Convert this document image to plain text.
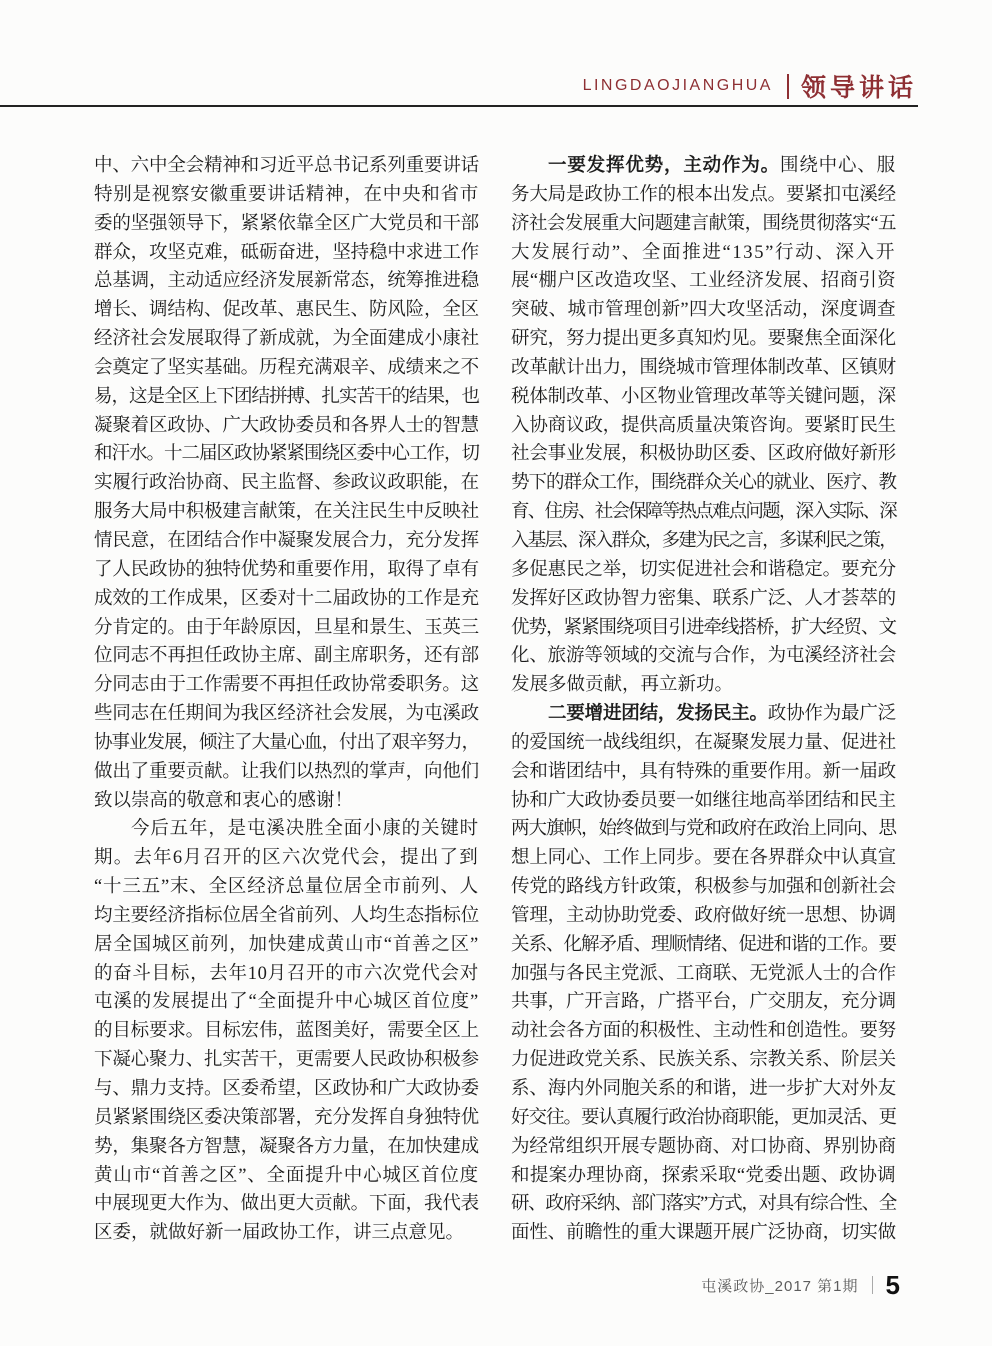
LINGDAOJIANGHUA 领导讲话
中、六中全会精神和习近平总书记系列重要讲话
特别是视察安徽重要讲话精神，在中央和省市
委的坚强领导下，紧紧依靠全区广大党员和干部
群众，攻坚克难，砥砺奋进，坚持稳中求进工作
总基调，主动适应经济发展新常态，统筹推进稳
增长、调结构、促改革、惠民生、防风险，全区
经济社会发展取得了新成就，为全面建成小康社
会奠定了坚实基础。历程充满艰辛、成绩来之不
易，这是全区上下团结拼搏、扎实苦干的结果，也
凝聚着区政协、广大政协委员和各界人士的智慧
和汗水。十二届区政协紧紧围绕区委中心工作，切
实履行政治协商、民主监督、参政议政职能，在
服务大局中积极建言献策，在关注民生中反映社
情民意，在团结合作中凝聚发展合力，充分发挥
了人民政协的独特优势和重要作用，取得了卓有
成效的工作成果，区委对十二届政协的工作是充
分肯定的。由于年龄原因，旦星和景生、玉英三
位同志不再担任政协主席、副主席职务，还有部
分同志由于工作需要不再担任政协常委职务。这
些同志在任期间为我区经济社会发展，为屯溪政
协事业发展，倾注了大量心血，付出了艰辛努力，
做出了重要贡献。让我们以热烈的掌声，向他们
致以崇高的敬意和衷心的感谢！
今后五年，是屯溪决胜全面小康的关键时
期。去年6月召开的区六次党代会，提出了到
“十三五”末、全区经济总量位居全市前列、人
均主要经济指标位居全省前列、人均生态指标位
居全国城区前列，加快建成黄山市“首善之区”
的奋斗目标，去年10月召开的市六次党代会对
屯溪的发展提出了“全面提升中心城区首位度”
的目标要求。目标宏伟，蓝图美好，需要全区上
下凝心聚力、扎实苦干，更需要人民政协积极参
与、鼎力支持。区委希望，区政协和广大政协委
员紧紧围绕区委决策部署，充分发挥自身独特优
势，集聚各方智慧，凝聚各方力量，在加快建成
黄山市“首善之区”、全面提升中心城区首位度
中展现更大作为、做出更大贡献。下面，我代表
区委，就做好新一届政协工作，讲三点意见。
一要发挥优势，主动作为。围绕中心、服
务大局是政协工作的根本出发点。要紧扣屯溪经
济社会发展重大问题建言献策，围绕贯彻落实“五
大发展行动”、全面推进“135”行动、深入开
展“棚户区改造攻坚、工业经济发展、招商引资
突破、城市管理创新”四大攻坚活动，深度调查
研究，努力提出更多真知灼见。要聚焦全面深化
改革献计出力，围绕城市管理体制改革、区镇财
税体制改革、小区物业管理改革等关键问题，深
入协商议政，提供高质量决策咨询。要紧盯民生
社会事业发展，积极协助区委、区政府做好新形
势下的群众工作，围绕群众关心的就业、医疗、教
育、住房、社会保障等热点难点问题，深入实际、深
入基层、深入群众，多建为民之言，多谋利民之策，
多促惠民之举，切实促进社会和谐稳定。要充分
发挥好区政协智力密集、联系广泛、人才荟萃的
优势，紧紧围绕项目引进牵线搭桥，扩大经贸、文
化、旅游等领域的交流与合作，为屯溪经济社会
发展多做贡献，再立新功。
二要增进团结，发扬民主。政协作为最广泛
的爱国统一战线组织，在凝聚发展力量、促进社
会和谐团结中，具有特殊的重要作用。新一届政
协和广大政协委员要一如继往地高举团结和民主
两大旗帜，始终做到与党和政府在政治上同向、思
想上同心、工作上同步。要在各界群众中认真宣
传党的路线方针政策，积极参与加强和创新社会
管理，主动协助党委、政府做好统一思想、协调
关系、化解矛盾、理顺情绪、促进和谐的工作。要
加强与各民主党派、工商联、无党派人士的合作
共事，广开言路，广搭平台，广交朋友，充分调
动社会各方面的积极性、主动性和创造性。要努
力促进政党关系、民族关系、宗教关系、阶层关
系、海内外同胞关系的和谐，进一步扩大对外友
好交往。要认真履行政治协商职能，更加灵活、更
为经常组织开展专题协商、对口协商、界别协商
和提案办理协商，探索采取“党委出题、政协调
研、政府采纳、部门落实”方式，对具有综合性、全
面性、前瞻性的重大课题开展广泛协商，切实做
屯溪政协_2017 第1期 5
